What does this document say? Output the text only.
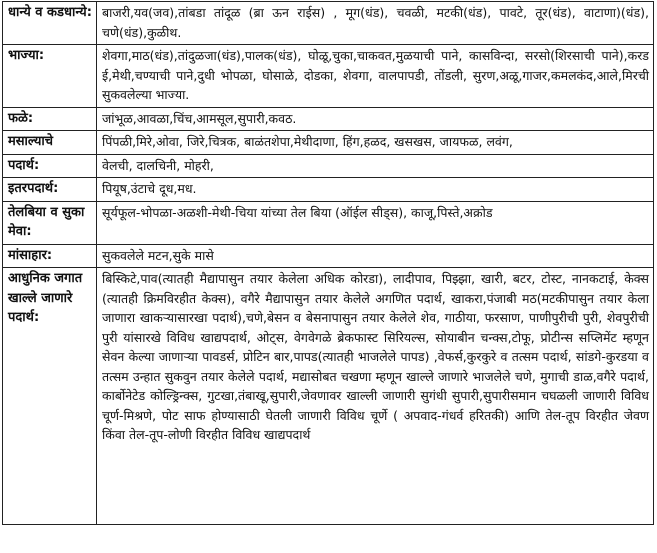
धान्ये व कडधान्ये:	बाजरी,यव(जव),तांबडा तांदूळ (ब्रा ऊन राईस) , मूग(धंड), चवळी, मटकी(धंड), पावटे, तूर(धंड), वाटाणा)(धंड), चणे(धंड),कुळीथ.
भाज्या:	शेवगा,माठ(धंड),तांदुळजा(धंड),पालक(धंड), घोळू,चुका,चाकवत,मुळयाची पाने, कासविन्दा, सरसो(शिरसाची पाने),करड ई,मेथी,चण्याची पाने,दुधी भोपळा, घोसाळे, दोडका, शेवगा, वालपापडी, तोंडली, सुरण,अळू,गाजर,कमलकंद,आले,मिरची सुकवलेल्या भाज्या.
फळे:	जांभूळ,आवळा,चिंच,आमसूल,सुपारी,कवठ.
मसाल्याचे	पिंपळी,मिरे,ओवा, जिरे,चित्रक, बाळंतशेपा,मेथीदाणा, हिंग,हळद, खसखस, जायफळ, लवंग,
पदार्थ:	वेलची, दालचिनी, मोहरी,
इतरपदार्थ:	पियूष,उंटाचे दूध,मध.
तेलबिया व सुका मेवा:	सूर्यफूल-भोपळा-अळशी-मेथी-चिया यांच्या तेल बिया (ऑईल सीड्स), काजू,पिस्ते,अक्रोड
मांसाहार:	सुकवलेले मटन,सुके मासे
आधुनिक जगात खाल्ले जाणारे पदार्थ:	बिस्किटे,पाव(त्यातही मैद्यापासुन तयार केलेला अधिक कोरडा), लादीपाव, पिझ्झा, खारी, बटर, टोस्ट, नानकटाई, केक्स (त्यातही क्रिमविरहीत केक्स), वगैरे मैद्यापासुन तयार केलेले अगणित पदार्थ, खाकरा,पंजाबी मठ(मटकीपासुन तयार केला जाणारा खाकऱ्यासारखा पदार्थ),चणे,बेसन व बेसनापासुन तयार केलेले शेव, गाठीया, फरसाण, पाणीपुरीची पुरी, शेवपुरीची पुरी यांसारखे विविध खाद्यपदार्थ, ओट्स, वेगवेगळे ब्रेकफास्ट सिरियल्स, सोयाबीन चन्क्स,टोफू, प्रोटीन्स सप्लिमेंट म्हणून सेवन केल्या जाणाऱ्या पावडर्स, प्रोटिन बार,पापड(त्यातही भाजलेले पापड) ,वेफर्स,कुरकुरे व तत्सम पदार्थ, सांडगे-कुरडया व तत्सम उन्हात सुकवुन तयार केलेले पदार्थ, मद्यासोबत चखणा म्हणून खाल्ले जाणारे भाजलेले चणे, मुगाची डाळ,वगैरे पदार्थ, कार्बोनेटेड कोल्ड्रिन्क्स, गुटखा,तंबाखू,सुपारी,जेवणावर खाल्ली जाणारी सुगंधी सुपारी,सुपारीसमान चघळली जाणारी विविध चूर्ण-मिश्रणे, पोट साफ होण्यासाठी घेतली जाणारी विविध चूर्णे ( अपवाद-गंधर्व हरितकी) आणि तेल-तूप विरहीत जेवण किंवा तेल-तूप-लोणी विरहीत विविध खाद्यपदार्थ
